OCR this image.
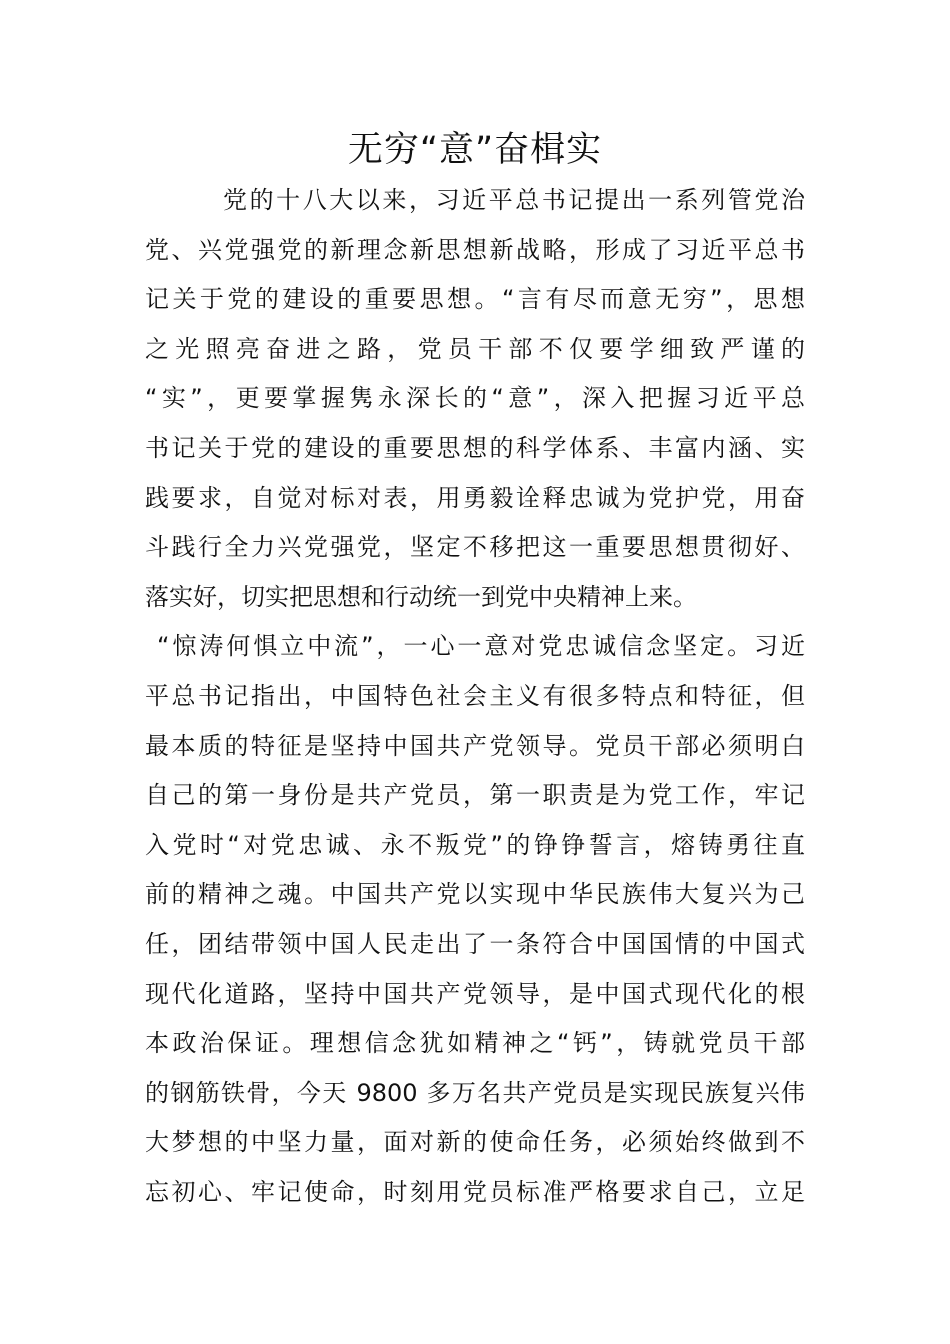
无穷“意”奋楫实
党的十八大以来，习近平总书记提出一系列管党治
党、兴党强党的新理念新思想新战略，形成了习近平总书
记关于党的建设的重要思想。“言有尽而意无穷”，思想
之光照亮奋进之路，党员干部不仅要学细致严谨的
“实”，更要掌握隽永深长的“意”，深入把握习近平总
书记关于党的建设的重要思想的科学体系、丰富内涵、实
践要求，自觉对标对表，用勇毅诠释忠诚为党护党，用奋
斗践行全力兴党强党，坚定不移把这一重要思想贯彻好、
落实好，切实把思想和行动统一到党中央精神上来。
“惊涛何惧立中流”，一心一意对党忠诚信念坚定。习近
平总书记指出，中国特色社会主义有很多特点和特征，但
最本质的特征是坚持中国共产党领导。党员干部必须明白
自己的第一身份是共产党员，第一职责是为党工作，牢记
入党时“对党忠诚、永不叛党”的铮铮誓言，熔铸勇往直
前的精神之魂。中国共产党以实现中华民族伟大复兴为己
任，团结带领中国人民走出了一条符合中国国情的中国式
现代化道路，坚持中国共产党领导，是中国式现代化的根
本政治保证。理想信念犹如精神之“钙”，铸就党员干部
的钢筋铁骨，今天 9800 多万名共产党员是实现民族复兴伟
大梦想的中坚力量，面对新的使命任务，必须始终做到不
忘初心、牢记使命，时刻用党员标准严格要求自己，立足
